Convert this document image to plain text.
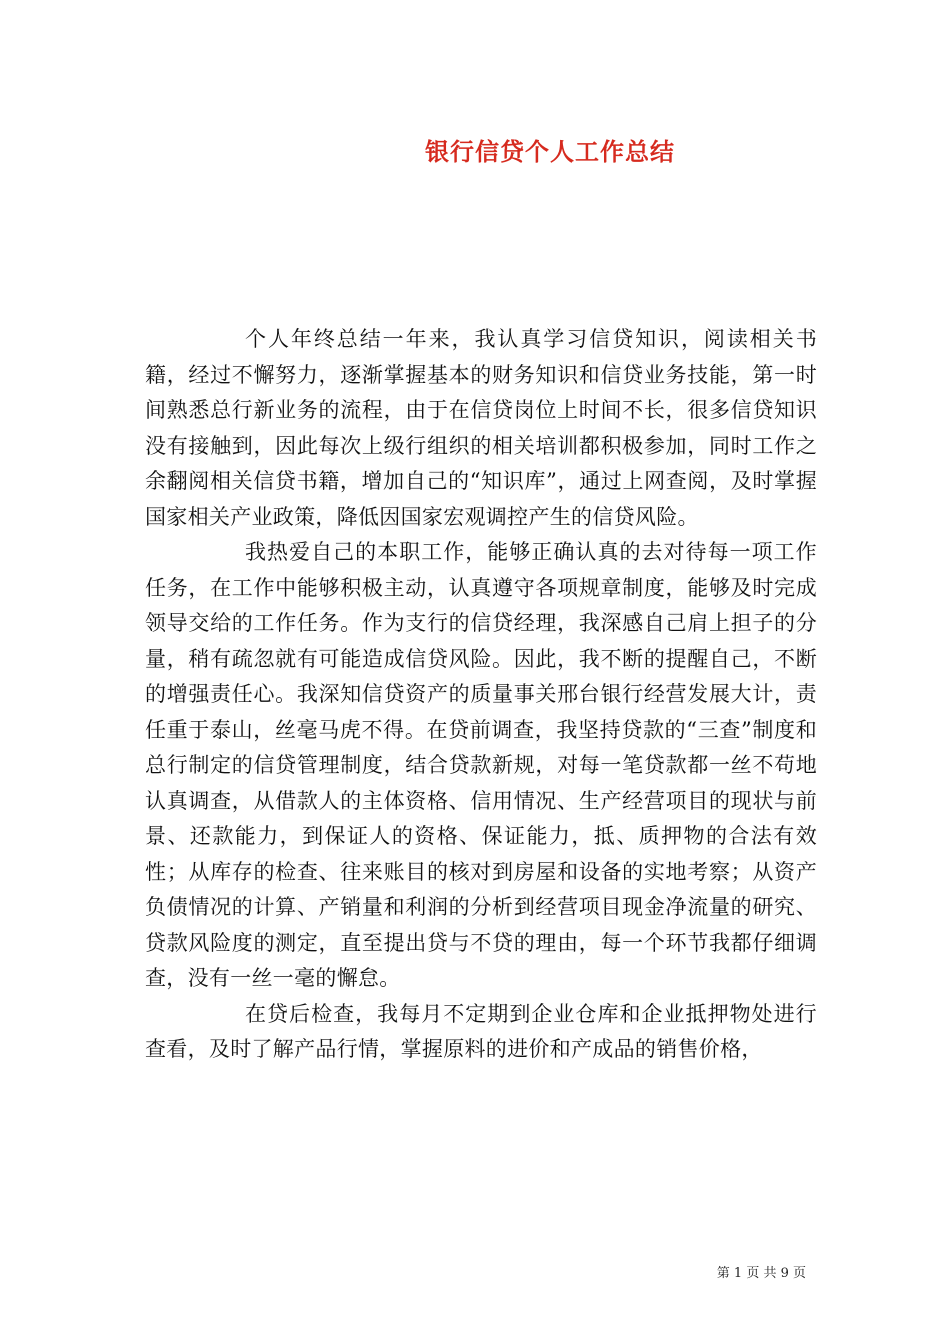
银行信贷个人工作总结

个人年终总结一年来，我认真学习信贷知识，阅读相关书籍，经过不懈努力，逐渐掌握基本的财务知识和信贷业务技能，第一时间熟悉总行新业务的流程，由于在信贷岗位上时间不长，很多信贷知识没有接触到，因此每次上级行组织的相关培训都积极参加，同时工作之余翻阅相关信贷书籍，增加自己的“知识库”，通过上网查阅，及时掌握国家相关产业政策，降低因国家宏观调控产生的信贷风险。

我热爱自己的本职工作，能够正确认真的去对待每一项工作任务，在工作中能够积极主动，认真遵守各项规章制度，能够及时完成领导交给的工作任务。作为支行的信贷经理，我深感自己肩上担子的分量，稍有疏忽就有可能造成信贷风险。因此，我不断的提醒自己，不断的增强责任心。我深知信贷资产的质量事关邢台银行经营发展大计，责任重于泰山，丝毫马虎不得。在贷前调查，我坚持贷款的“三查”制度和总行制定的信贷管理制度，结合贷款新规，对每一笔贷款都一丝不苟地认真调查，从借款人的主体资格、信用情况、生产经营项目的现状与前景、还款能力，到保证人的资格、保证能力，抵、质押物的合法有效性；从库存的检查、往来账目的核对到房屋和设备的实地考察；从资产负债情况的计算、产销量和利润的分析到经营项目现金净流量的研究、贷款风险度的测定，直至提出贷与不贷的理由，每一个环节我都仔细调查，没有一丝一毫的懈怠。

在贷后检查，我每月不定期到企业仓库和企业抵押物处进行查看，及时了解产品行情，掌握原料的进价和产成品的销售价格，

第 1 页 共 9 页
